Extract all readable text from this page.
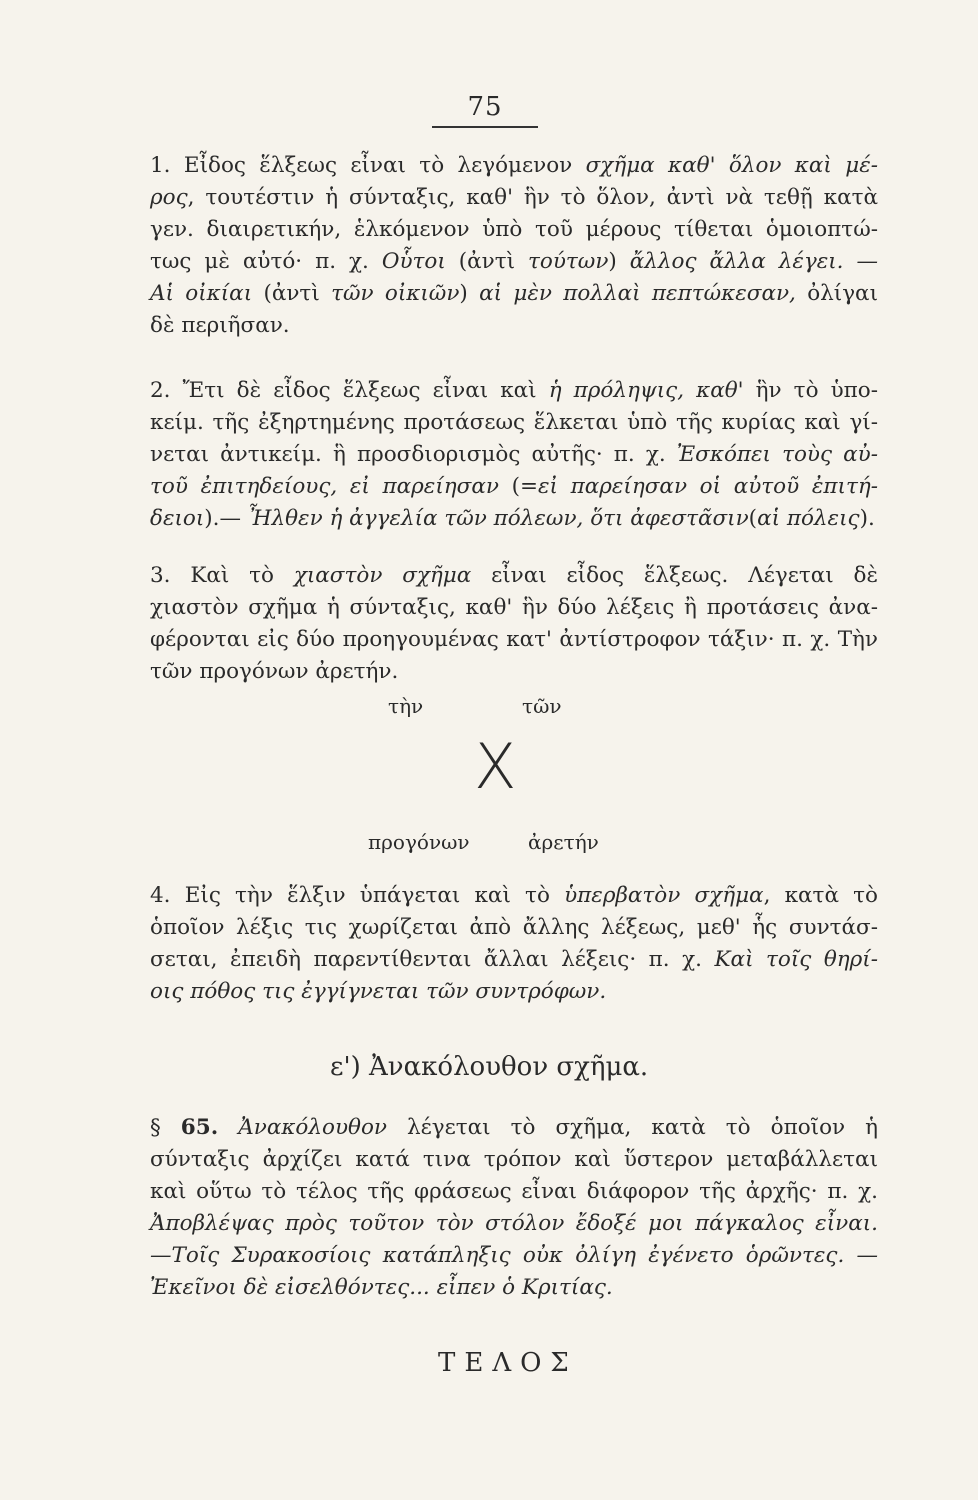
75
1. Εἶδος ἕλξεως εἶναι τὸ λεγόμενον σχῆμα καθ' ὅλον καὶ μέ-
ρος, τουτέστιν ἡ σύνταξις, καθ' ἣν τὸ ὅλον, ἀντὶ νὰ τεθῇ κατὰ
γεν. διαιρετικήν, ἑλκόμενον ὑπὸ τοῦ μέρους τίθεται ὁμοιοπτώ-
τως μὲ αὐτό· π. χ. Οὗτοι (ἀντὶ τούτων) ἄλλος ἄλλα λέγει. —
Αἱ οἰκίαι (ἀντὶ τῶν οἰκιῶν) αἱ μὲν πολλαὶ πεπτώκεσαν, ὀλίγαι
δὲ περιῆσαν.
2. Ἔτι δὲ εἶδος ἕλξεως εἶναι καὶ ἡ πρόληψις, καθ' ἣν τὸ ὑπο-
κείμ. τῆς ἐξηρτημένης προτάσεως ἕλκεται ὑπὸ τῆς κυρίας καὶ γί-
νεται ἀντικείμ. ἣ προσδιορισμὸς αὐτῆς· π. χ. Ἐσκόπει τοὺς αὐ-
τοῦ ἐπιτηδείους, εἰ παρείησαν (=εἰ παρείησαν οἱ αὐτοῦ ἐπιτή-
δειοι).— Ἦλθεν ἡ ἀγγελία τῶν πόλεων, ὅτι ἀφεστᾶσιν(αἱ πόλεις).
3. Καὶ τὸ χιαστὸν σχῆμα εἶναι εἶδος ἕλξεως. Λέγεται δὲ
χιαστὸν σχῆμα ἡ σύνταξις, καθ' ἣν δύο λέξεις ἢ προτάσεις ἀνα-
φέρονται εἰς δύο προηγουμένας κατ' ἀντίστροφον τάξιν· π. χ. Τὴν
τῶν προγόνων ἀρετήν.
τὴν	τῶν
X
προγόνων	ἀρετήν
4. Εἰς τὴν ἕλξιν ὑπάγεται καὶ τὸ ὑπερβατὸν σχῆμα, κατὰ τὸ
ὁποῖον λέξις τις χωρίζεται ἀπὸ ἄλλης λέξεως, μεθ' ἧς συντάσ-
σεται, ἐπειδὴ παρεντίθενται ἄλλαι λέξεις· π. χ. Καὶ τοῖς θηρί-
οις πόθος τις ἐγγίγνεται τῶν συντρόφων.
ε') Ἀνακόλουθον σχῆμα.
§ 65. Ἀνακόλουθον λέγεται τὸ σχῆμα, κατὰ τὸ ὁποῖον ἡ
σύνταξις ἀρχίζει κατά τινα τρόπον καὶ ὕστερον μεταβάλλεται
καὶ οὕτω τὸ τέλος τῆς φράσεως εἶναι διάφορον τῆς ἀρχῆς· π. χ.
Ἀποβλέψας πρὸς τοῦτον τὸν στόλον ἔδοξέ μοι πάγκαλος εἶναι.
—Τοῖς Συρακοσίοις κατάπληξις οὐκ ὀλίγη ἐγένετο ὁρῶντες. —
Ἐκεῖνοι δὲ εἰσελθόντες... εἶπεν ὁ Κριτίας.
ΤΕΛΟΣ
